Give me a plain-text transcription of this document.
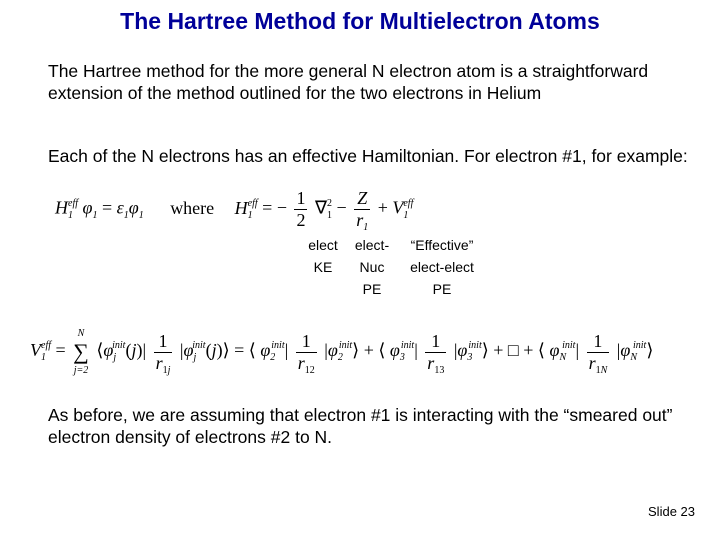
The Hartree Method for Multielectron Atoms
The Hartree method for the more general N electron atom is a straightforward extension of the method outlined for the two electrons in Helium
Each of the N electrons has an effective Hamiltonian. For electron #1, for example:
$H_1^{eff}$ $\varphi_1 = \varepsilon_1\varphi_1$ where $H_1^{eff}$ = − $\frac{1}{2} \nabla_1^2 - \frac{Z}{r_1} + V_1^{eff}$
elect
KE
elect-
Nuc
PE
“Effective”
elect-elect
PE
$V_1^{eff}$ =
N
∑
j=2
$⟨\varphi_j^{init}(j)| \frac{1}{r_{1j}}$ $|\varphi_j^{init}(j)⟩$ = ⟨ $\varphi_2^{init}| \frac{1}{r_{12}}$ $|\varphi_2^{init}⟩$ + ⟨ $\varphi_3^{init}| \frac{1}{r_{13}}$ $|\varphi_3^{init}⟩$ + □ + ⟨ $\varphi_N^{init}| \frac{1}{r_{1N}}$ $|\varphi_N^{init}⟩$
As before, we are assuming that electron #1 is interacting with the “smeared out” electron density of electrons #2 to N.
Slide 23
